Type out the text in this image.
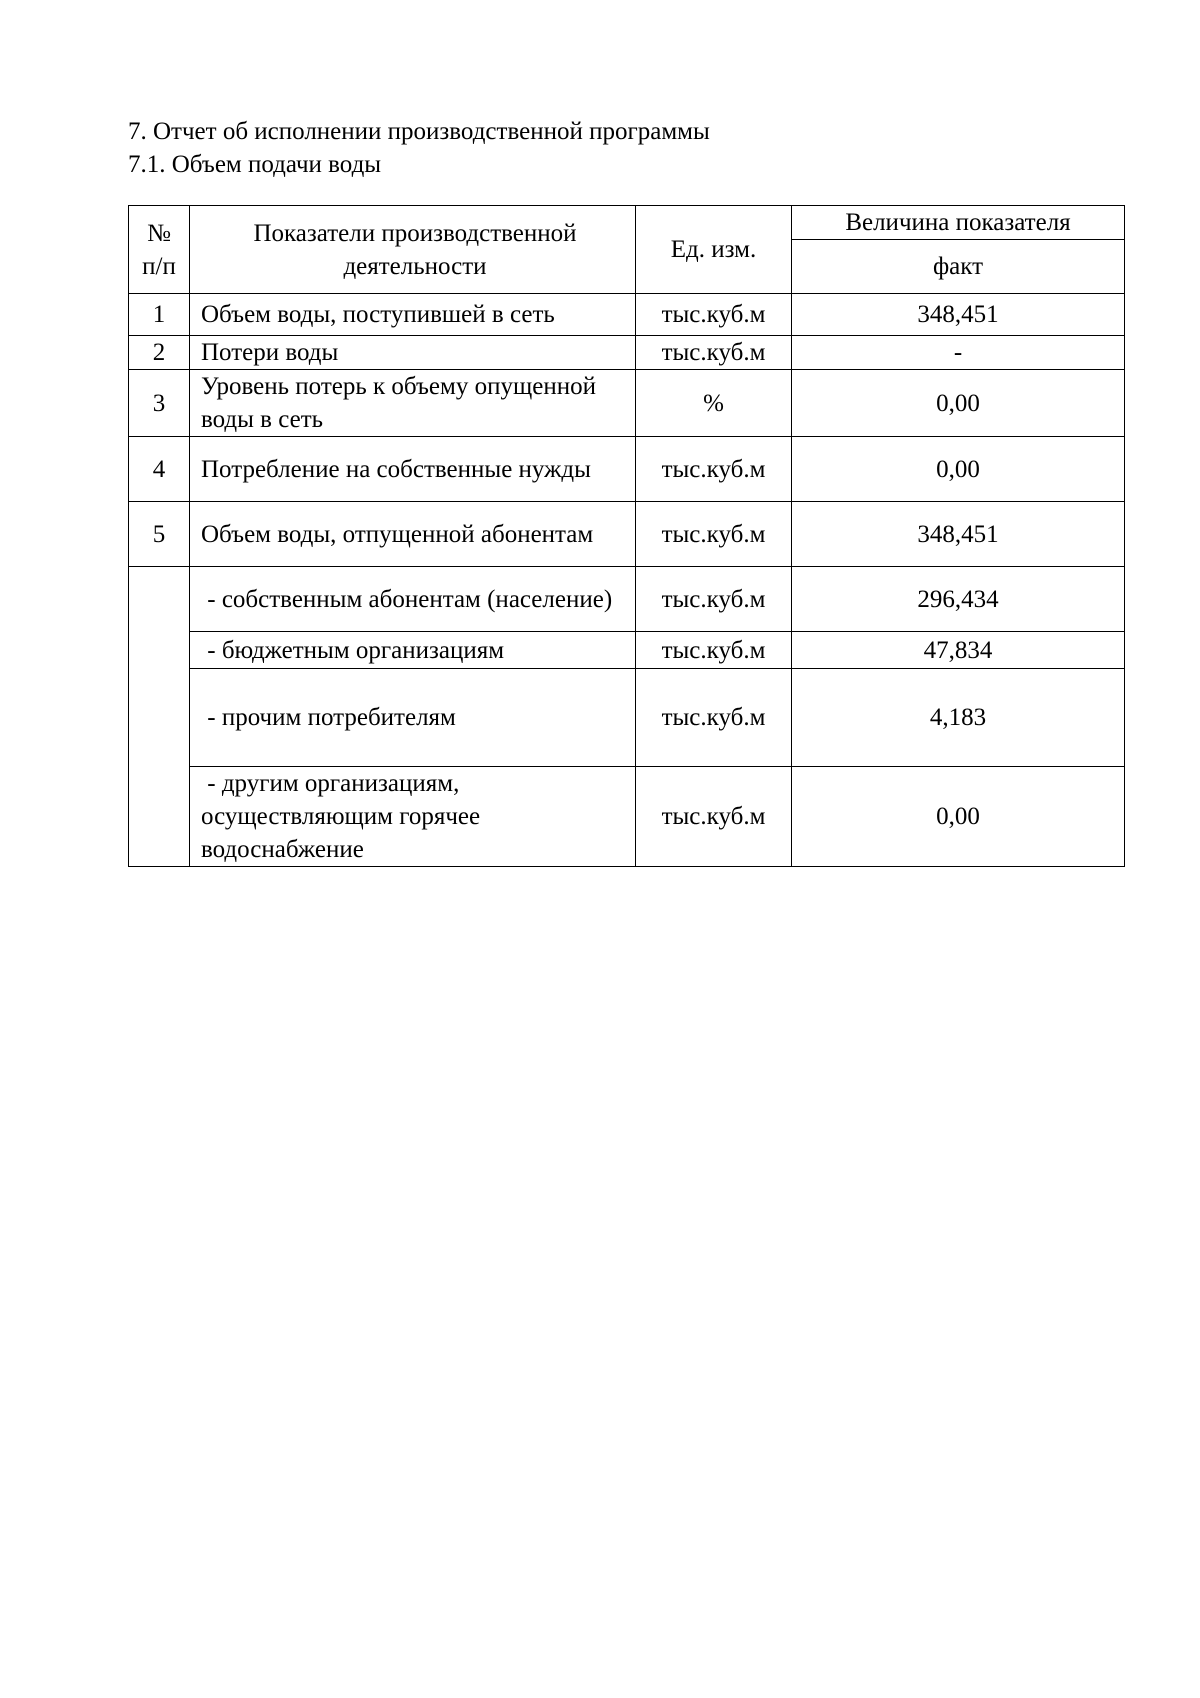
7. Отчет об исполнении производственной программы
7.1. Объем подачи воды
№
п/п	Показатели производственной деятельности	Ед. изм.	Величина показателя
			факт
1	Объем воды, поступившей в сеть	тыс.куб.м	348,451
2	Потери воды	тыс.куб.м	-
3	Уровень потерь к объему опущенной воды в сеть	%	0,00
4	Потребление на собственные нужды	тыс.куб.м	0,00
5	Объем воды, отпущенной абонентам	тыс.куб.м	348,451
	- собственным абонентам (население)	тыс.куб.м	296,434
	- бюджетным организациям	тыс.куб.м	47,834
	- прочим потребителям	тыс.куб.м	4,183
	- другим организациям, осуществляющим горячее водоснабжение	тыс.куб.м	0,00
